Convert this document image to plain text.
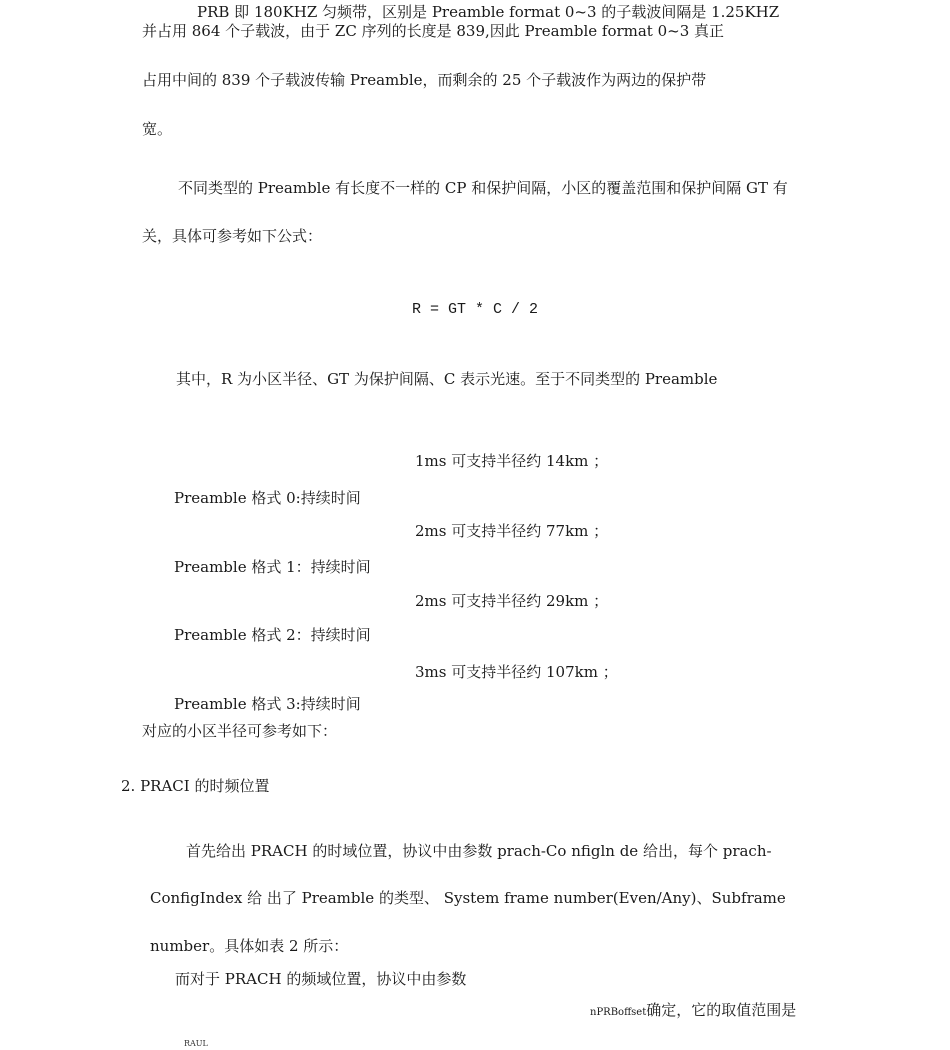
PRB 即 180KHZ 匀频带，区别是 Preamble format 0~3 的子载波间隔是 1.25KHZ
并占用 864 个子载波，由于 ZC 序列的长度是 839,因此 Preamble format 0~3 真正
占用中间的 839 个子载波传输 Preamble，而剩余的 25 个子载波作为两边的保护带
宽。
不同类型的 Preamble 有长度不一样的 CP 和保护间隔，小区的覆盖范围和保护间隔 GT 有
关，具体可参考如下公式：
R = GT * C / 2
其中，R 为小区半径、GT 为保护间隔、C 表示光速。至于不同类型的 Preamble
1ms 可支持半径约 14km ；
Preamble 格式 0:持续时间
2ms 可支持半径约 77km ；
Preamble 格式 1：持续时间
2ms 可支持半径约 29km ；
Preamble 格式 2：持续时间
3ms 可支持半径约 107km ；
Preamble 格式 3:持续时间
对应的小区半径可参考如下：
2. PRACI 的时频位置
首先给出 PRACH 的时域位置，协议中由参数 prach-Co nfigln de 给出，每个 prach-
ConfigIndex 给 出了 Preamble 的类型、 System frame number(Even/Any)、Subframe
number。具体如表 2 所示：
而对于 PRACH 的频域位置，协议中由参数
nPRBoffset确定，它的取值范围是
RAUL
